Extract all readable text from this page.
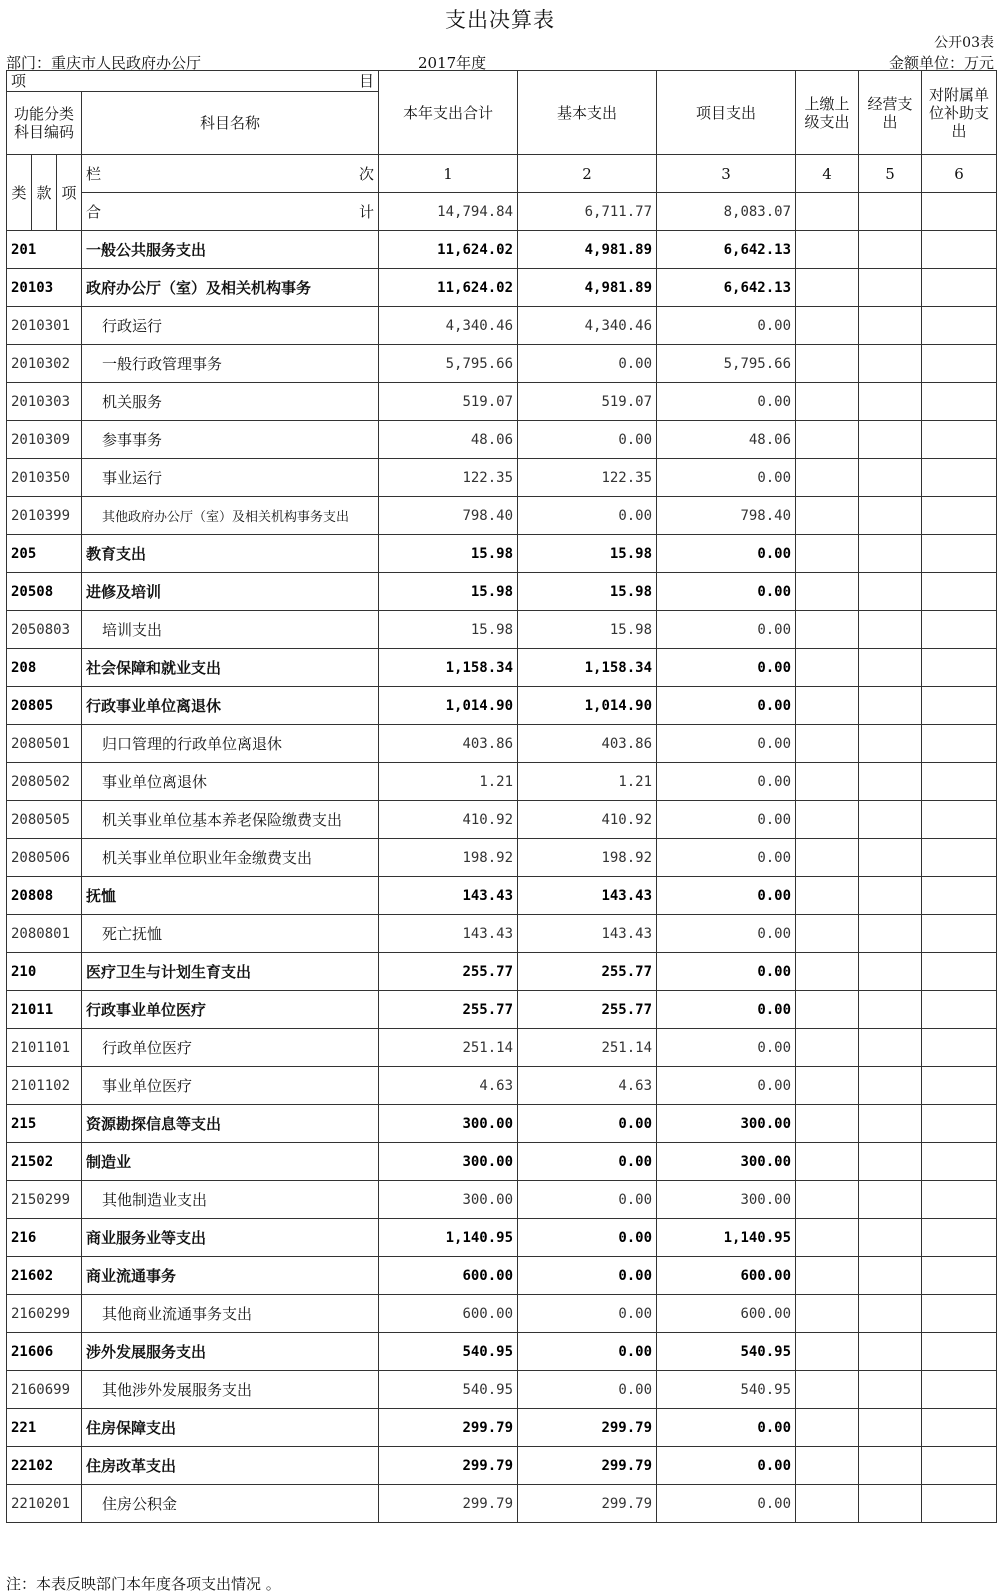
支出决算表
公开03表
部门：重庆市人民政府办公厅	2017年度	金额单位：万元
项 目				本年支出合计	基本支出	项目支出	上缴上级支出	经营支出	对附属单位补助支出
功能分类科目编码			科目名称						
类	款	项	栏 次	1	2	3	4	5	6

			合 计	14,794.84	6,711.77	8,083.07			
201			一般公共服务支出	11,624.02	4,981.89	6,642.13			
20103			政府办公厅（室）及相关机构事务	11,624.02	4,981.89	6,642.13			
2010301			行政运行	4,340.46	4,340.46	0.00			
2010302			一般行政管理事务	5,795.66	0.00	5,795.66			
2010303			机关服务	519.07	519.07	0.00			
2010309			参事事务	48.06	0.00	48.06			
2010350			事业运行	122.35	122.35	0.00			
2010399			其他政府办公厅（室）及相关机构事务支出	798.40	0.00	798.40			
205			教育支出	15.98	15.98	0.00			
20508			进修及培训	15.98	15.98	0.00			
2050803			培训支出	15.98	15.98	0.00			
208			社会保障和就业支出	1,158.34	1,158.34	0.00			
20805			行政事业单位离退休	1,014.90	1,014.90	0.00			
2080501			归口管理的行政单位离退休	403.86	403.86	0.00			
2080502			事业单位离退休	1.21	1.21	0.00			
2080505			机关事业单位基本养老保险缴费支出	410.92	410.92	0.00			
2080506			机关事业单位职业年金缴费支出	198.92	198.92	0.00			
20808			抚恤	143.43	143.43	0.00			
2080801			死亡抚恤	143.43	143.43	0.00			
210			医疗卫生与计划生育支出	255.77	255.77	0.00			
21011			行政事业单位医疗	255.77	255.77	0.00			
2101101			行政单位医疗	251.14	251.14	0.00			
2101102			事业单位医疗	4.63	4.63	0.00			
215			资源勘探信息等支出	300.00	0.00	300.00			
21502			制造业	300.00	0.00	300.00			
2150299			其他制造业支出	300.00	0.00	300.00			
216			商业服务业等支出	1,140.95	0.00	1,140.95			
21602			商业流通事务	600.00	0.00	600.00			
2160299			其他商业流通事务支出	600.00	0.00	600.00			
21606			涉外发展服务支出	540.95	0.00	540.95			
2160699			其他涉外发展服务支出	540.95	0.00	540.95			
221			住房保障支出	299.79	299.79	0.00			
22102			住房改革支出	299.79	299.79	0.00			
2210201			住房公积金	299.79	299.79	0.00			
注：本表反映部门本年度各项支出情况 。
